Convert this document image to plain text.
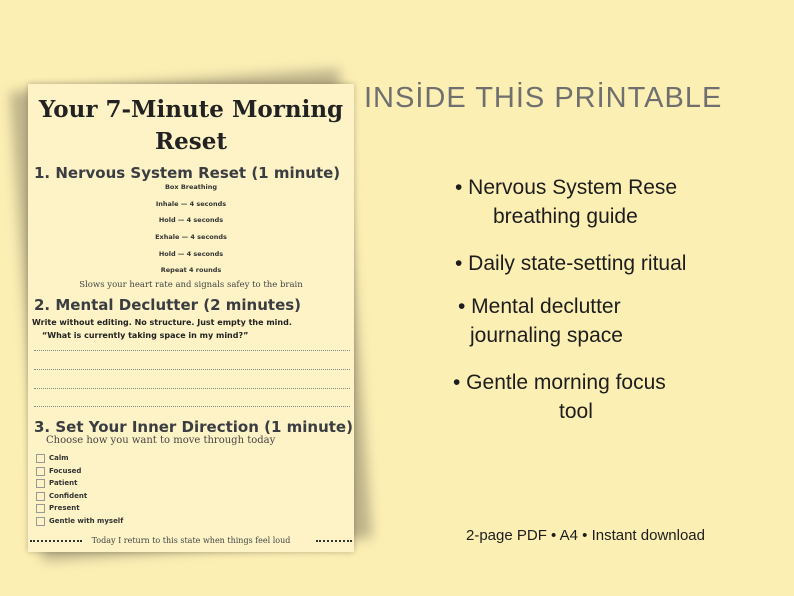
Your 7-Minute Morning
Reset
1. Nervous System Reset (1 minute)
Box Breathing
Inhale — 4 seconds
Hold — 4 seconds
Exhale — 4 seconds
Hold — 4 seconds
Repeat 4 rounds
Slows your heart rate and signals safey to the brain
2. Mental Declutter (2 minutes)
Write without editing. No structure. Just empty the mind.
“What is currently taking space in my mind?”
3. Set Your Inner Direction (1 minute)
Choose how you want to move through today
Calm
Focused
Patient
Confident
Present
Gentle with myself
Today I return to this state when things feel loud
INSİDE THİS PRİNTABLE
• Nervous System Rese
breathing guide
• Daily state-setting ritual
• Mental declutter
journaling space
• Gentle morning focus
tool
2-page PDF • A4 • Instant download
